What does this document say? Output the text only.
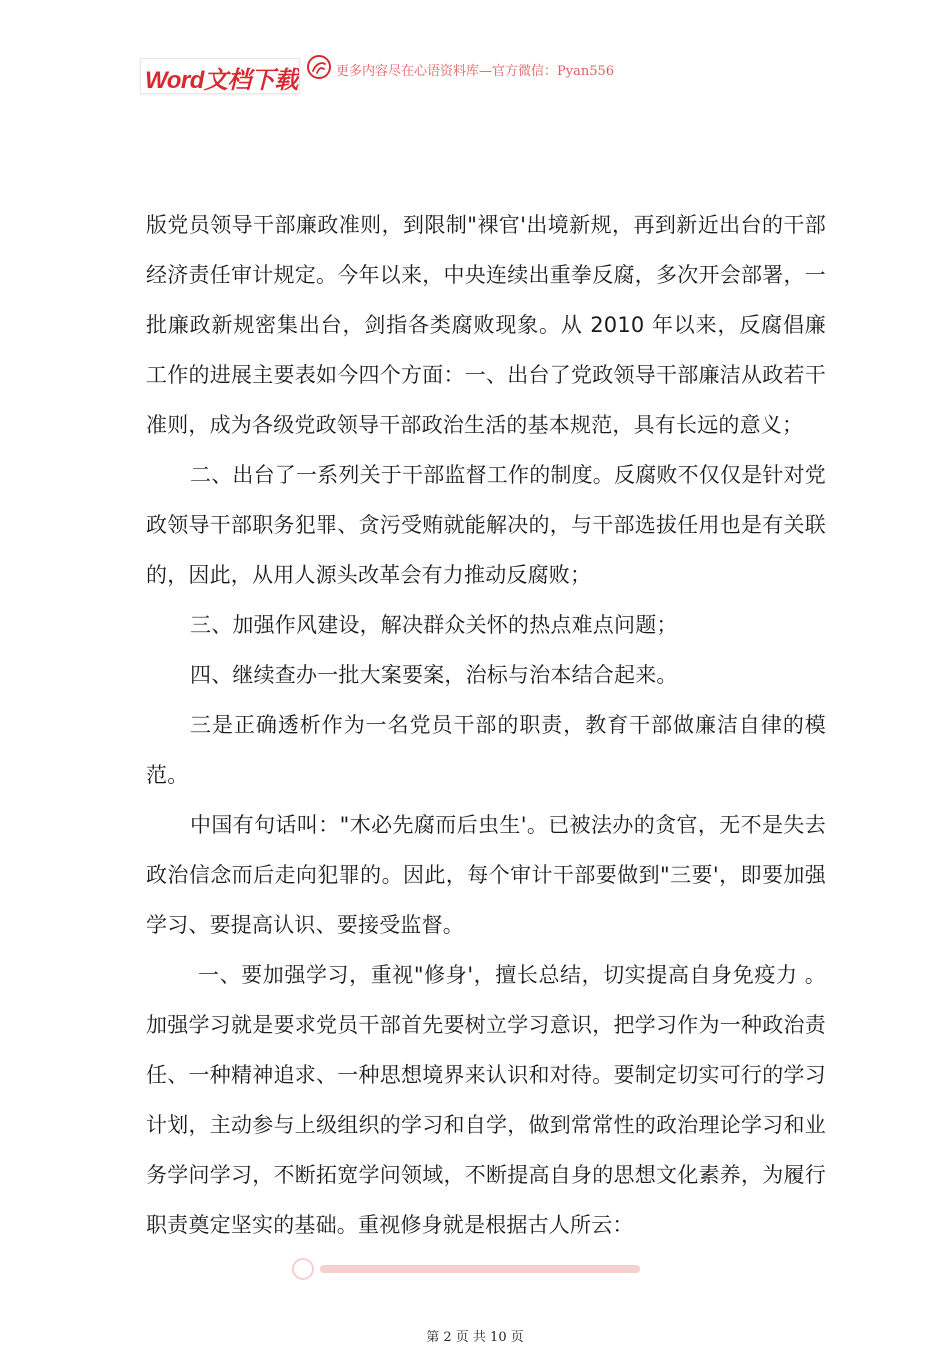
Word文档下载	更多内容尽在心语资料库—官方微信：Pyan556

版党员领导干部廉政准则，到限制"裸官'出境新规，再到新近出台的干部经济责任审计规定。今年以来，中央连续出重拳反腐，多次开会部署，一批廉政新规密集出台，剑指各类腐败现象。从 2010 年以来，反腐倡廉工作的进展主要表如今四个方面：一、出台了党政领导干部廉洁从政若干准则，成为各级党政领导干部政治生活的基本规范，具有长远的意义；

二、出台了一系列关于干部监督工作的制度。反腐败不仅仅是针对党政领导干部职务犯罪、贪污受贿就能解决的，与干部选拔任用也是有关联的，因此，从用人源头改革会有力推动反腐败；

三、加强作风建设，解决群众关怀的热点难点问题；

四、继续查办一批大案要案，治标与治本结合起来。

三是正确透析作为一名党员干部的职责，教育干部做廉洁自律的模范。

中国有句话叫："木必先腐而后虫生'。已被法办的贪官，无不是失去政治信念而后走向犯罪的。因此，每个审计干部要做到"三要'，即要加强学习、要提高认识、要接受监督。

一、要加强学习，重视"修身'，擅长总结，切实提高自身免疫力 。加强学习就是要求党员干部首先要树立学习意识，把学习作为一种政治责任、一种精神追求、一种思想境界来认识和对待。要制定切实可行的学习计划，主动参与上级组织的学习和自学，做到常常性的政治理论学习和业务学问学习，不断拓宽学问领域，不断提高自身的思想文化素养，为履行职责奠定坚实的基础。重视修身就是根据古人所云：

第 2 页 共 10 页
